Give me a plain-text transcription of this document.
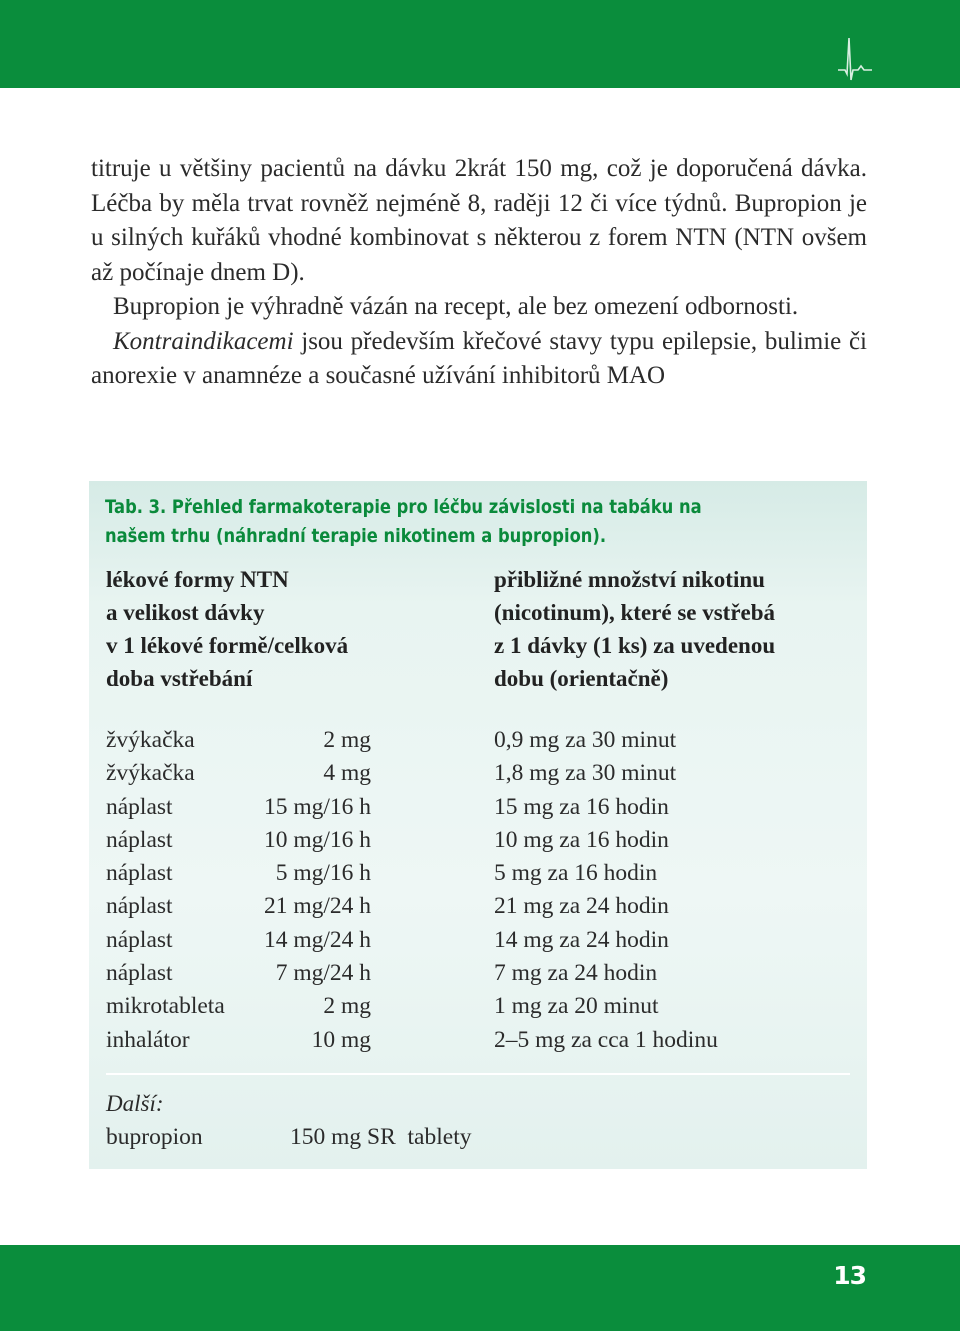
titruje u většiny pacientů na dávku 2krát 150 mg, což je doporučená dávka. Léčba by měla trvat rovněž nejméně 8, raději 12 či více týdnů. Bupropion je u silných kuřáků vhodné kombinovat s některou z forem NTN (NTN ovšem až počínaje dnem D).

Bupropion je výhradně vázán na recept, ale bez omezení odbornosti.

Kontraindikacemi jsou především křečové stavy typu epilepsie, bulimie či anorexie v anamnéze a současné užívání inhibitorů MAO

Tab. 3. Přehled farmakoterapie pro léčbu závislosti na tabáku na našem trhu (náhradní terapie nikotinem a bupropion).
lékové formy NTN
a velikost dávky
v 1 lékové formě/celková
doba vstřebání
přibližné množství nikotinu
(nicotinum), které se vstřebá
z 1 dávky (1 ks) za uvedenou
dobu (orientačně)
žvýkačka	2 mg	0,9 mg za 30 minut
žvýkačka	4 mg	1,8 mg za 30 minut
náplast	15 mg/16 h	15 mg za 16 hodin
náplast	10 mg/16 h	10 mg za 16 hodin
náplast	5 mg/16 h	5 mg za 16 hodin
náplast	21 mg/24 h	21 mg za 24 hodin
náplast	14 mg/24 h	14 mg za 24 hodin
náplast	7 mg/24 h	7 mg za 24 hodin
mikrotableta	2 mg	1 mg za 20 minut
inhalátor	10 mg	2–5 mg za cca 1 hodinu
Další:
bupropion	150 mg SR  tablety
13
